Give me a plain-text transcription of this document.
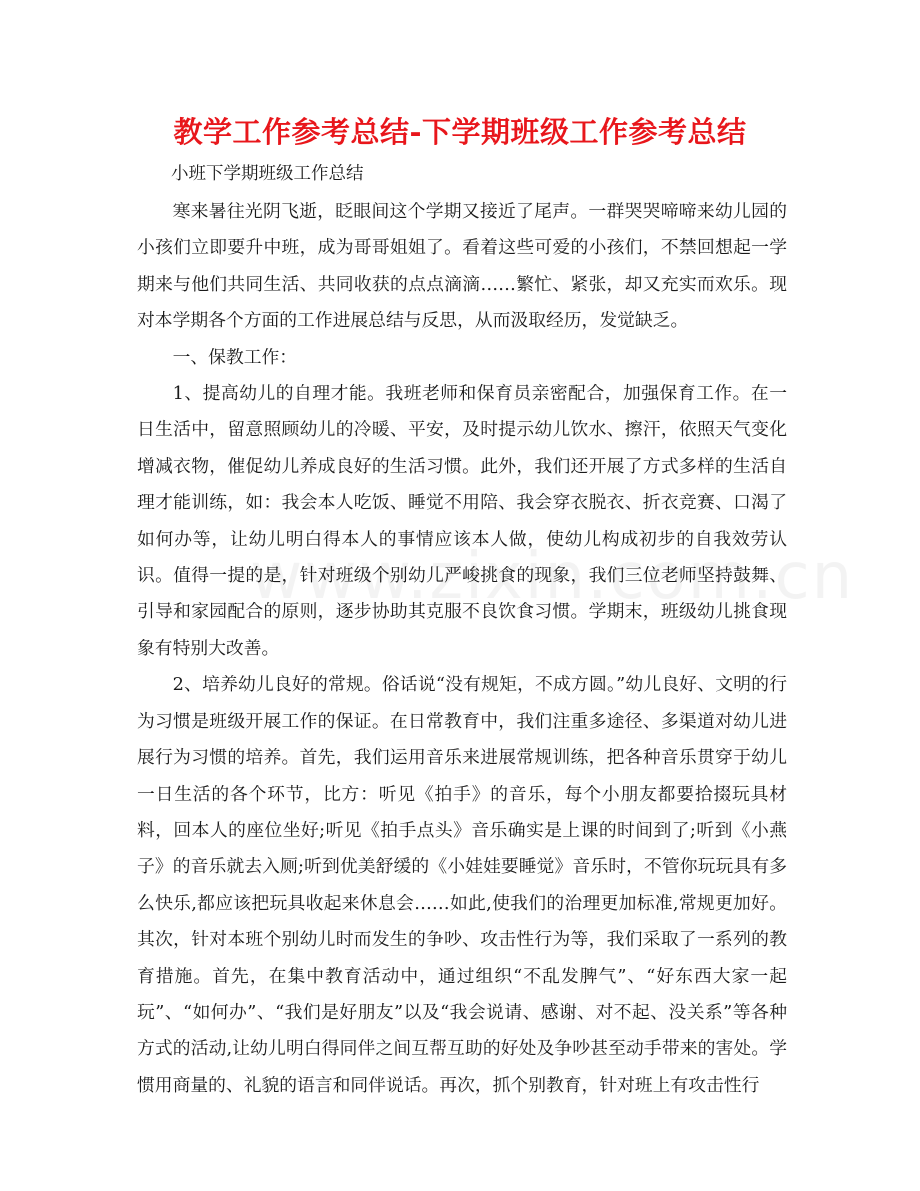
教学工作参考总结-下学期班级工作参考总结
小班下学期班级工作总结

寒来暑往光阴飞逝，眨眼间这个学期又接近了尾声。一群哭哭啼啼来幼儿园的小孩们立即要升中班，成为哥哥姐姐了。看着这些可爱的小孩们，不禁回想起一学期来与他们共同生活、共同收获的点点滴滴……繁忙、紧张，却又充实而欢乐。现对本学期各个方面的工作进展总结与反思，从而汲取经历，发觉缺乏。

一、保教工作：

1、提高幼儿的自理才能。我班老师和保育员亲密配合，加强保育工作。在一日生活中，留意照顾幼儿的冷暖、平安，及时提示幼儿饮水、擦汗，依照天气变化增减衣物，催促幼儿养成良好的生活习惯。此外，我们还开展了方式多样的生活自理才能训练，如：我会本人吃饭、睡觉不用陪、我会穿衣脱衣、折衣竞赛、口渴了如何办等，让幼儿明白得本人的事情应该本人做，使幼儿构成初步的自我效劳认识。值得一提的是，针对班级个别幼儿严峻挑食的现象，我们三位老师坚持鼓舞、引导和家园配合的原则，逐步协助其克服不良饮食习惯。学期末，班级幼儿挑食现象有特别大改善。

2、培养幼儿良好的常规。俗话说“没有规矩，不成方圆。”幼儿良好、文明的行为习惯是班级开展工作的保证。在日常教育中，我们注重多途径、多渠道对幼儿进展行为习惯的培养。首先，我们运用音乐来进展常规训练，把各种音乐贯穿于幼儿一日生活的各个环节，比方：听见《拍手》的音乐，每个小朋友都要拾掇玩具材料，回本人的座位坐好;听见《拍手点头》音乐确实是上课的时间到了;听到《小燕子》的音乐就去入厕;听到优美舒缓的《小娃娃要睡觉》音乐时，不管你玩玩具有多么快乐,都应该把玩具收起来休息会……如此,使我们的治理更加标准,常规更加好。其次，针对本班个别幼儿时而发生的争吵、攻击性行为等，我们采取了一系列的教育措施。首先，在集中教育活动中，通过组织“不乱发脾气”、“好东西大家一起玩”、“如何办”、“我们是好朋友”以及“我会说请、感谢、对不起、没关系”等各种方式的活动,让幼儿明白得同伴之间互帮互助的好处及争吵甚至动手带来的害处。学惯用商量的、礼貌的语言和同伴说话。再次，抓个别教育，针对班上有攻击性行
